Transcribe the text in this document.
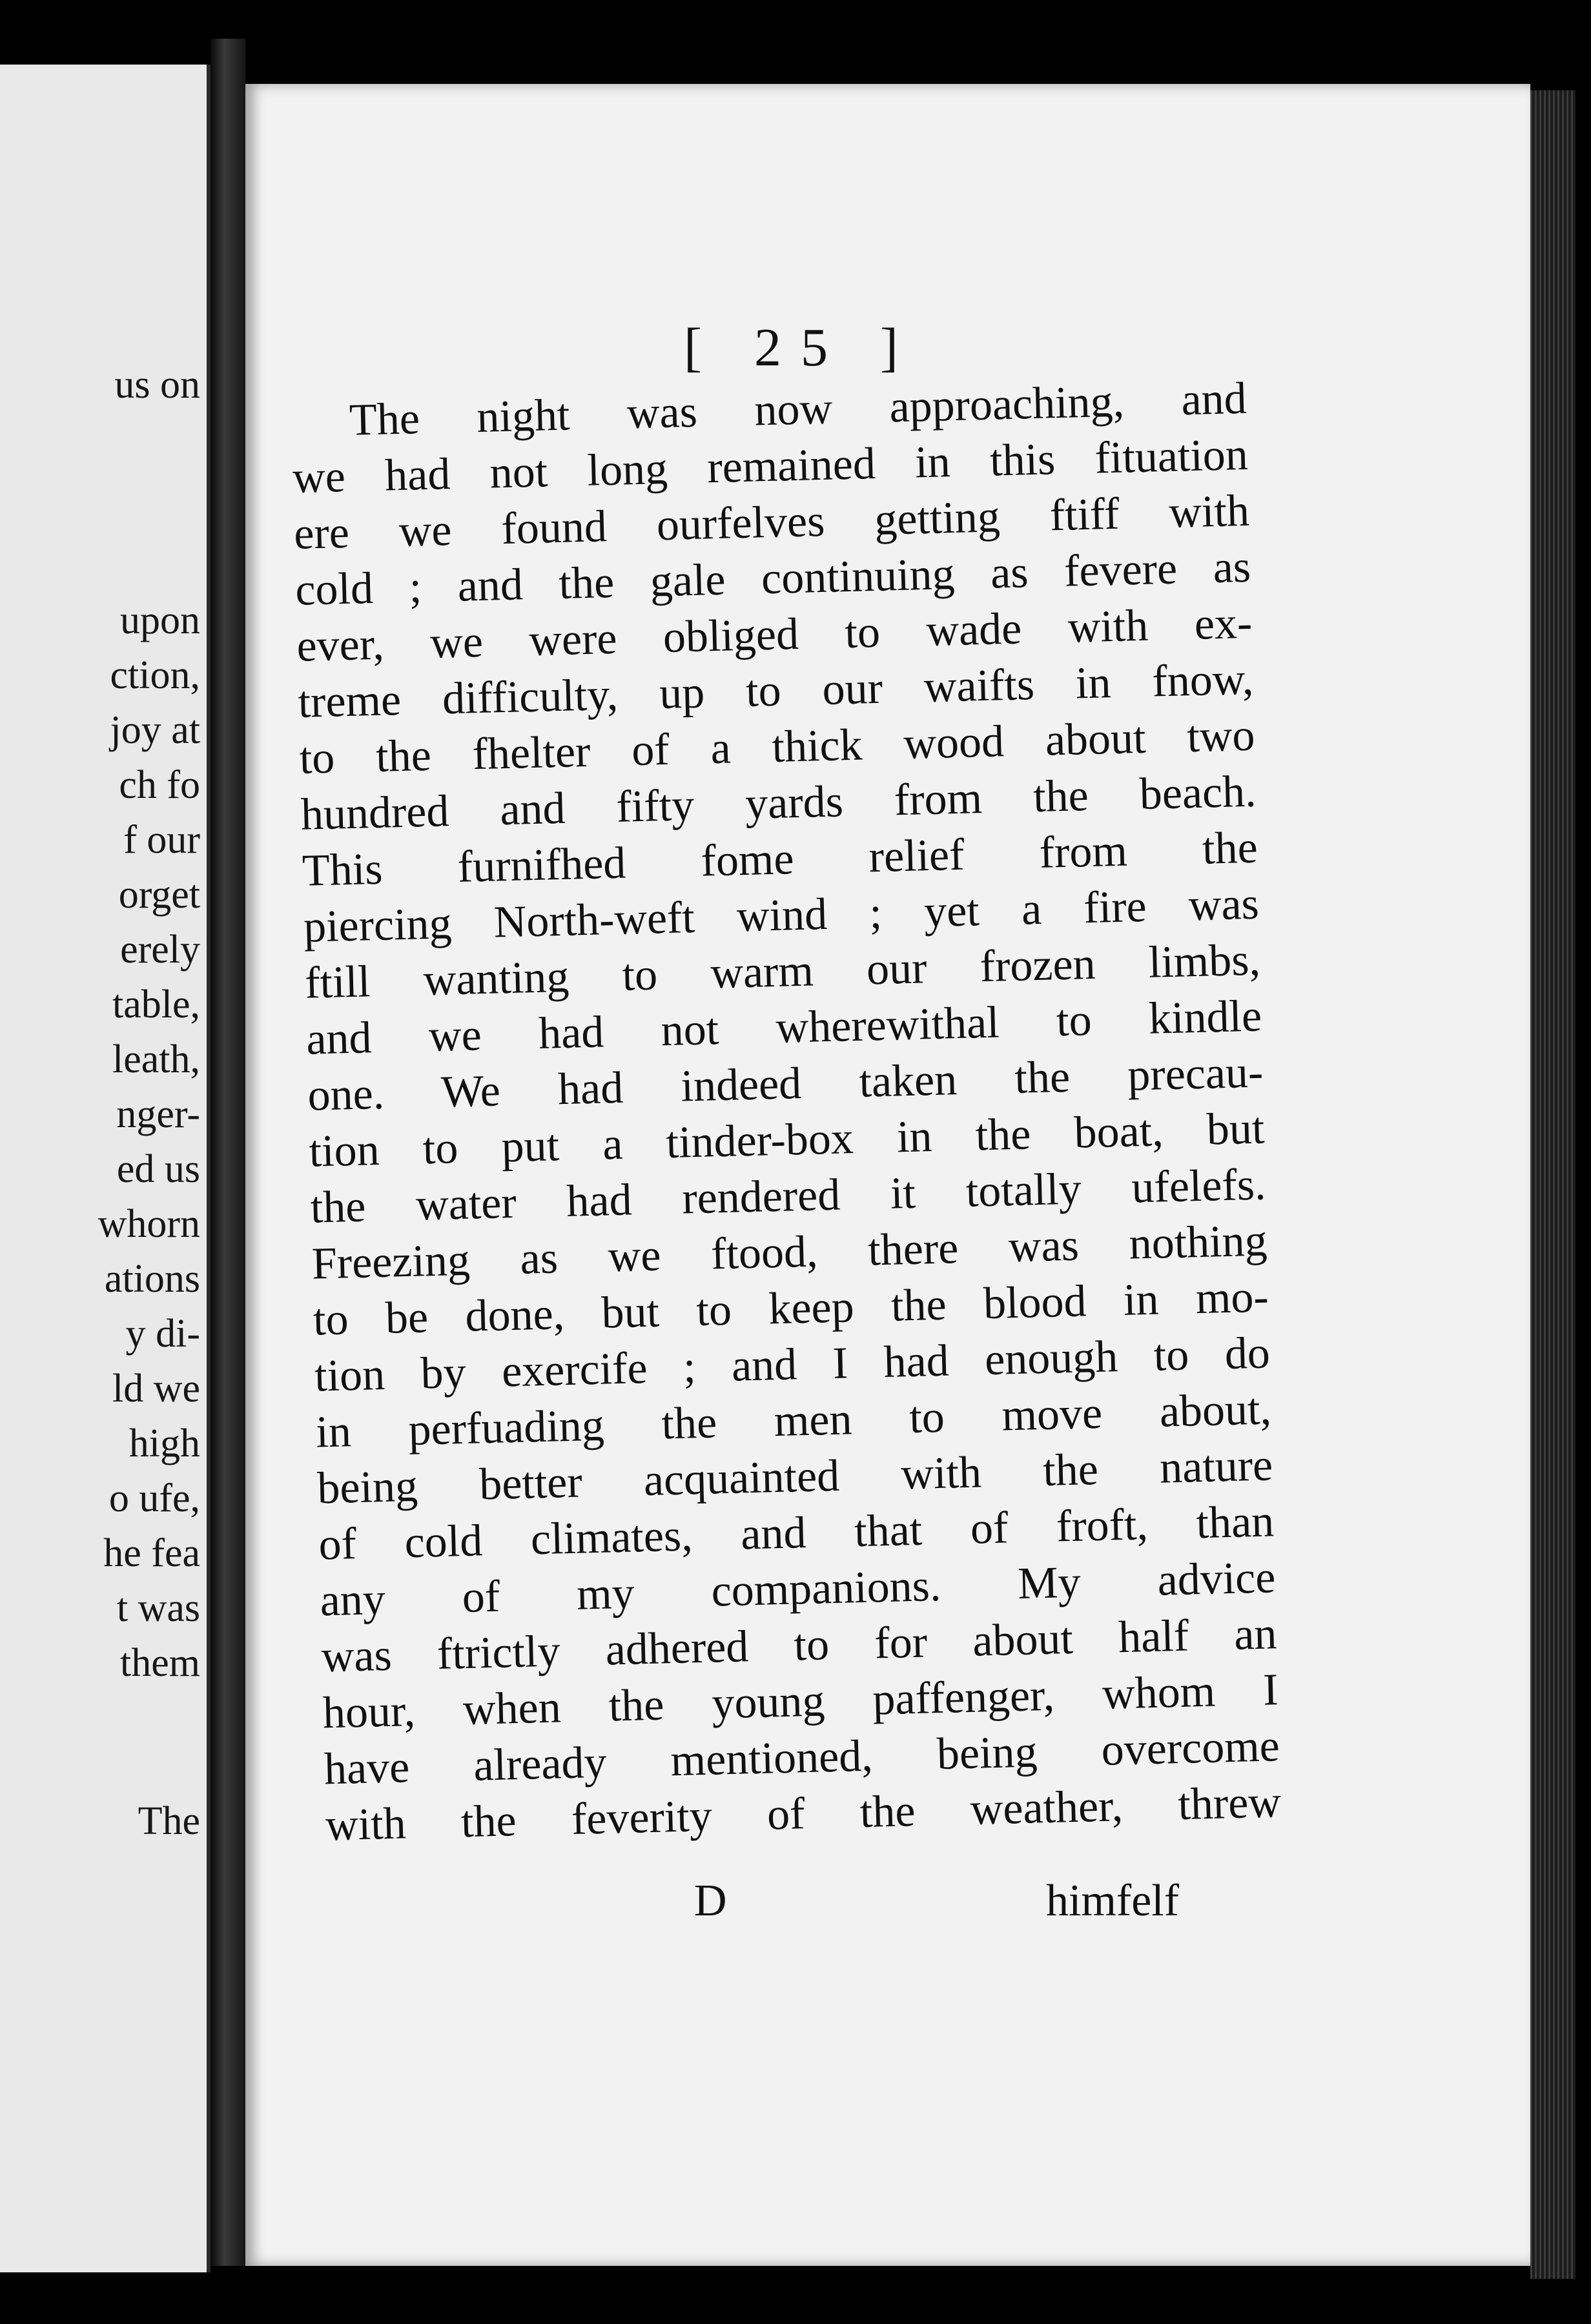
us on
upon
ction,
joy at
ch fo
f our
orget
erely
table,
leath,
nger-
ed us
whorn
ations
y di-
ld we
high
o ufe,
he fea
t was
them
The
[ 25 ]
The night was now approaching, and
we had not long remained in this fituation
ere we found ourfelves getting ftiff with
cold ; and the gale continuing as fevere as
ever, we were obliged to wade with ex-
treme difficulty, up to our waifts in fnow,
to the fhelter of a thick wood about two
hundred and fifty yards from the beach.
This furnifhed fome relief from the
piercing North-weft wind ; yet a fire was
ftill wanting to warm our frozen limbs,
and we had not wherewithal to kindle
one. We had indeed taken the precau-
tion to put a tinder-box in the boat, but
the water had rendered it totally ufelefs.
Freezing as we ftood, there was nothing
to be done, but to keep the blood in mo-
tion by exercife ; and I had enough to do
in perfuading the men to move about,
being better acquainted with the nature
of cold climates, and that of froft, than
any of my companions. My advice
was ftrictly adhered to for about half an
hour, when the young paffenger, whom I
have already mentioned, being overcome
with the feverity of the weather, threw
D	himfelf
